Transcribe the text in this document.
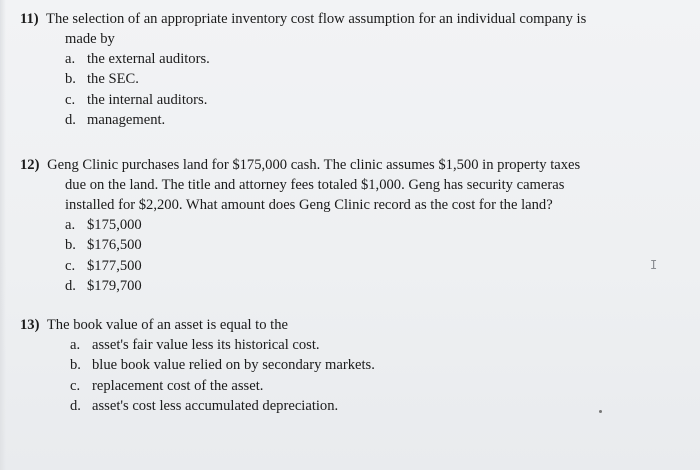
11) The selection of an appropriate inventory cost flow assumption for an individual company is
made by
a. the external auditors.
b. the SEC.
c. the internal auditors.
d. management.
12) Geng Clinic purchases land for $175,000 cash. The clinic assumes $1,500 in property taxes
due on the land. The title and attorney fees totaled $1,000. Geng has security cameras
installed for $2,200. What amount does Geng Clinic record as the cost for the land?
a. $175,000
b. $176,500
c. $177,500
d. $179,700
13) The book value of an asset is equal to the
a. asset's fair value less its historical cost.
b. blue book value relied on by secondary markets.
c. replacement cost of the asset.
d. asset's cost less accumulated depreciation.
I
